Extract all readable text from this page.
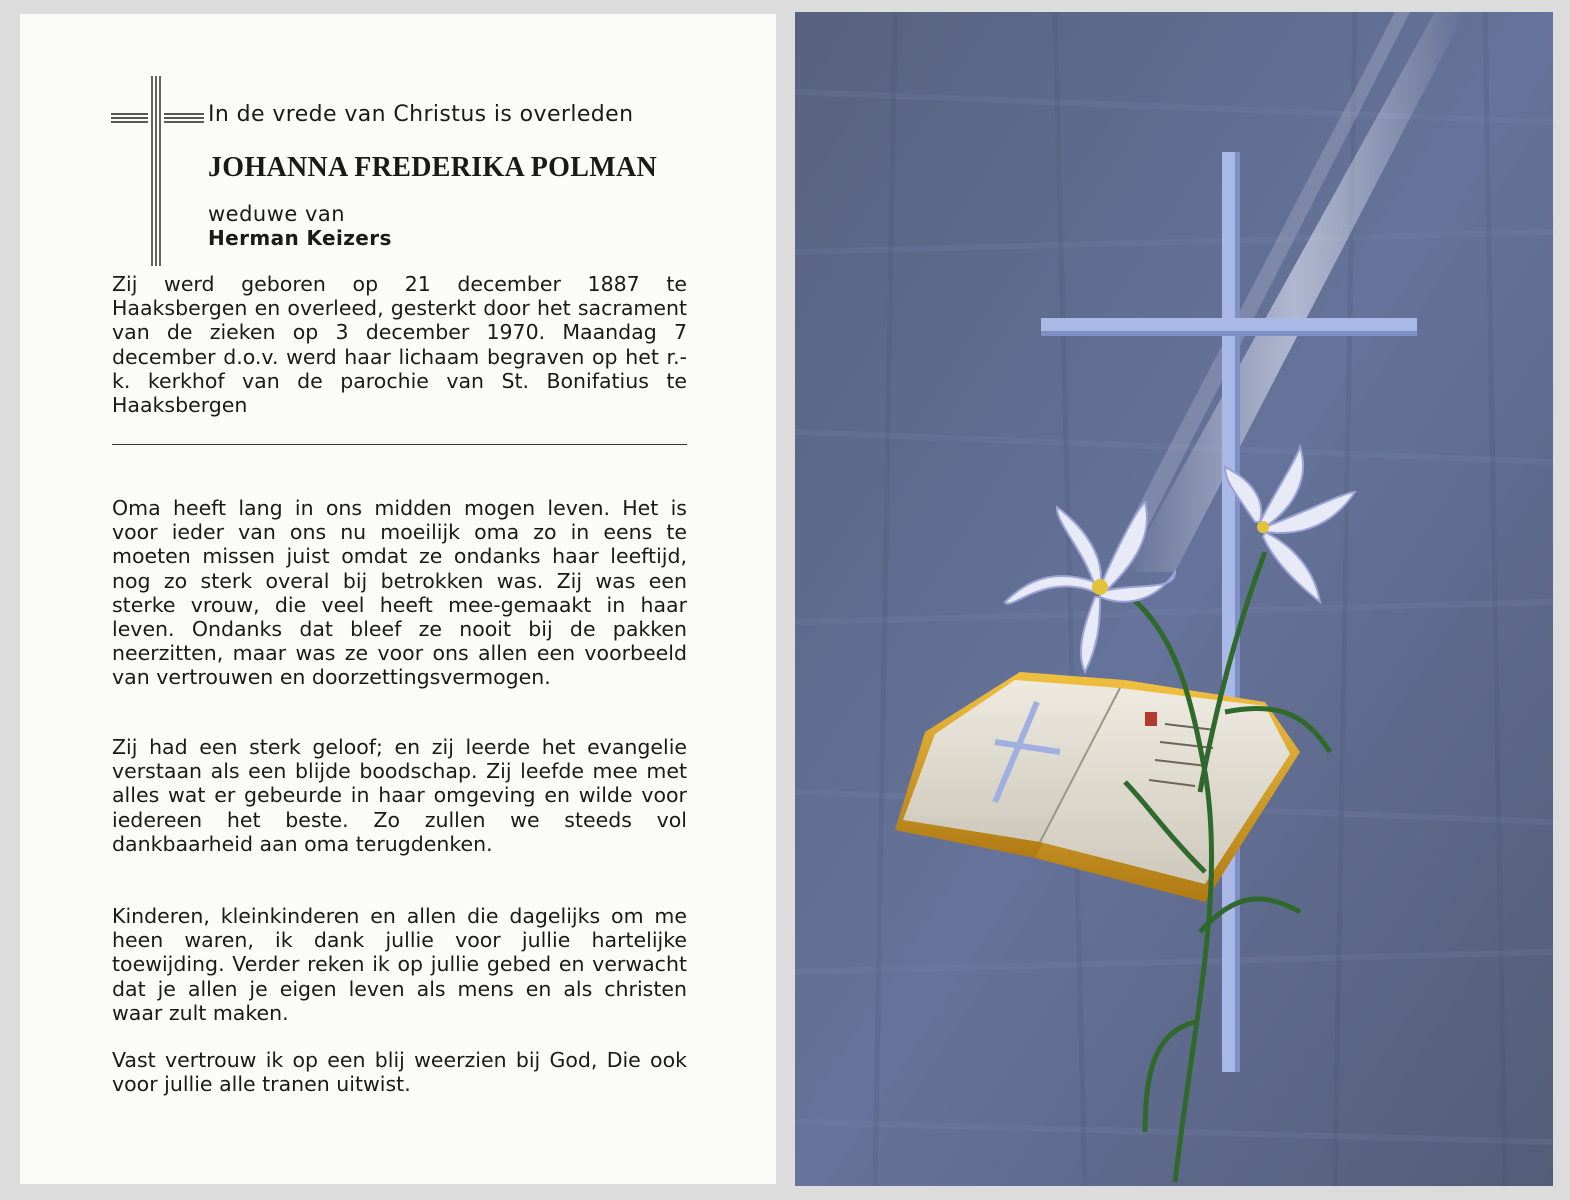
In de vrede van Christus is overleden

JOHANNA FREDERIKA POLMAN

weduwe van

Herman Keizers

Zij werd geboren op 21 december 1887 te Haaksbergen en overleed, gesterkt door het sacrament van de zieken op 3 december 1970. Maandag 7 december d.o.v. werd haar lichaam begraven op het r.-k. kerkhof van de parochie van St. Bonifatius te Haaksbergen

Oma heeft lang in ons midden mogen leven. Het is voor ieder van ons nu moeilijk oma zo in eens te moeten missen juist omdat ze ondanks haar leeftijd, nog zo sterk overal bij betrokken was. Zij was een sterke vrouw, die veel heeft mee-gemaakt in haar leven. Ondanks dat bleef ze nooit bij de pakken neerzitten, maar was ze voor ons allen een voorbeeld van vertrouwen en doorzettingsvermogen.

Zij had een sterk geloof; en zij leerde het evangelie verstaan als een blijde boodschap. Zij leefde mee met alles wat er gebeurde in haar omgeving en wilde voor iedereen het beste. Zo zullen we steeds vol dankbaarheid aan oma terugdenken.

Kinderen, kleinkinderen en allen die dagelijks om me heen waren, ik dank jullie voor jullie hartelijke toewijding. Verder reken ik op jullie gebed en verwacht dat je allen je eigen leven als mens en als christen waar zult maken.

Vast vertrouw ik op een blij weerzien bij God, Die ook voor jullie alle tranen uitwist.
